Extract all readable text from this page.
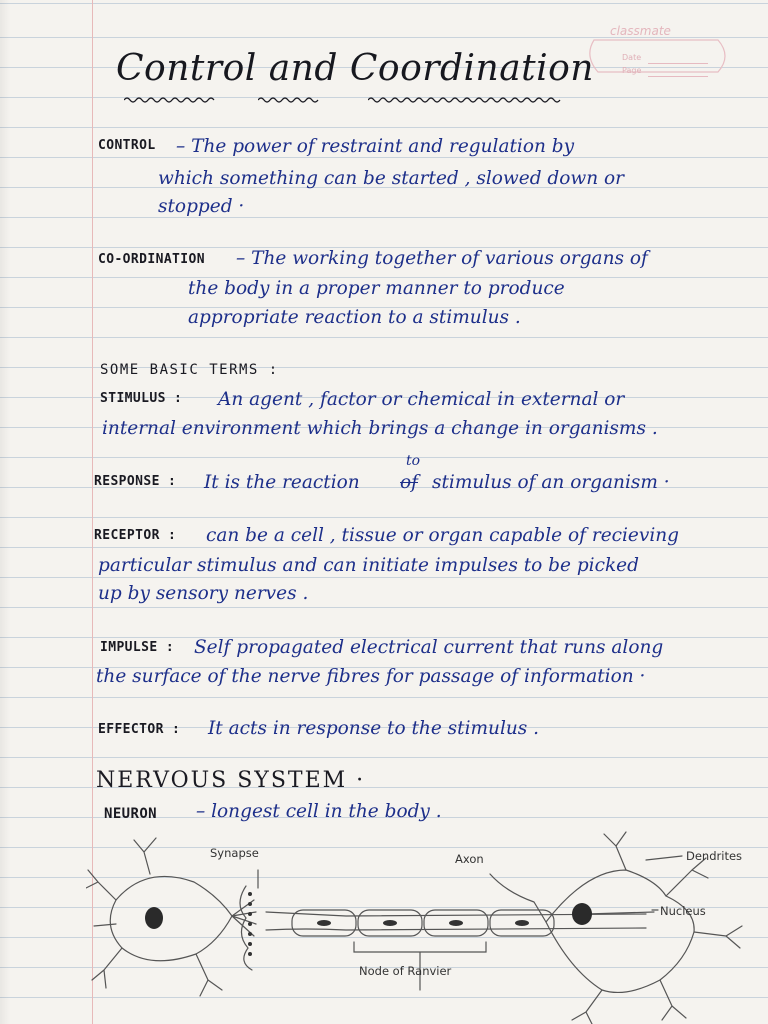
classmate
Date
Page
Control and Coordination
CONTROL – The power of restraint and regulation by
which something can be started , slowed down or
stopped ·
CO-ORDINATION – The working together of various organs of
the body in a proper manner to produce
appropriate reaction to a stimulus .
SOME BASIC TERMS :
STIMULUS : An agent , factor or chemical in external or
internal environment which brings a change in organisms .
RESPONSE : It is the reaction of
to
stimulus of an organism ·
RECEPTOR : can be a cell , tissue or organ capable of recieving
particular stimulus and can initiate impulses to be picked
up by sensory nerves .
IMPULSE : Self propagated electrical current that runs along
the surface of the nerve fibres for passage of information ·
EFFECTOR : It acts in response to the stimulus .
NERVOUS SYSTEM ·
NEURON – longest cell in the body .
Synapse	Axon	Dendrites
Nucleus
Node of Ranvier
